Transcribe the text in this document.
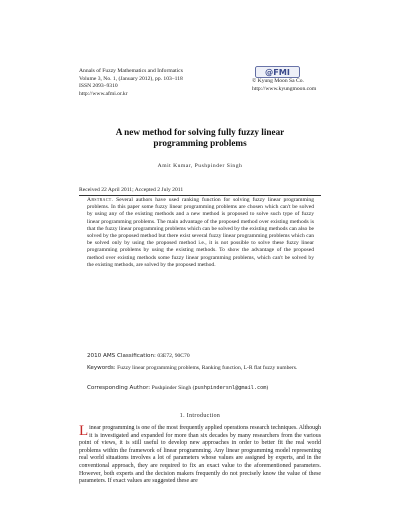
Annals of Fuzzy Mathematics and Informatics
Volume 3, No. 1, (January 2012), pp. 103–118
ISSN 2093–9310
http://www.afmi.or.kr
@FMI
© Kyung Moon Sa Co.
http://www.kyungmoon.com
A new method for solving fully fuzzy linear
programming problems
Amit Kumar, Pushpinder Singh
Received 22 April 2011; Accepted 2 July 2011
Abstract. Several authors have used ranking function for solving fuzzy linear programming problems. In this paper some fuzzy linear programming problems are chosen which can't be solved by using any of the existing methods and a new method is proposed to solve such type of fuzzy linear programming problems. The main advantage of the proposed method over existing methods is that the fuzzy linear programming problems which can be solved by the existing methods can also be solved by the proposed method but there exist several fuzzy linear programming problems which can be solved only by using the proposed method i.e., it is not possible to solve these fuzzy linear programming problems by using the existing methods. To show the advantage of the proposed method over existing methods some fuzzy linear programming problems, which can't be solved by the existing methods, are solved by the proposed method.
2010 AMS Classification: 03E72, 90C70
Keywords: Fuzzy linear programming problems, Ranking function, L-R flat fuzzy numbers.
Corresponding Author: Pushpinder Singh (pushpindersnl@gmail.com)
1. Introduction
Linear programming is one of the most frequently applied operations research techniques. Although it is investigated and expanded for more than six decades by many researchers from the various point of views, it is still useful to develop new approaches in order to better fit the real world problems within the framework of linear programming. Any linear programming model representing real world situations involves a lot of parameters whose values are assigned by experts, and in the conventional approach, they are required to fix an exact value to the aforementioned parameters. However, both experts and the decision makers frequently do not precisely know the value of these parameters. If exact values are suggested these are
